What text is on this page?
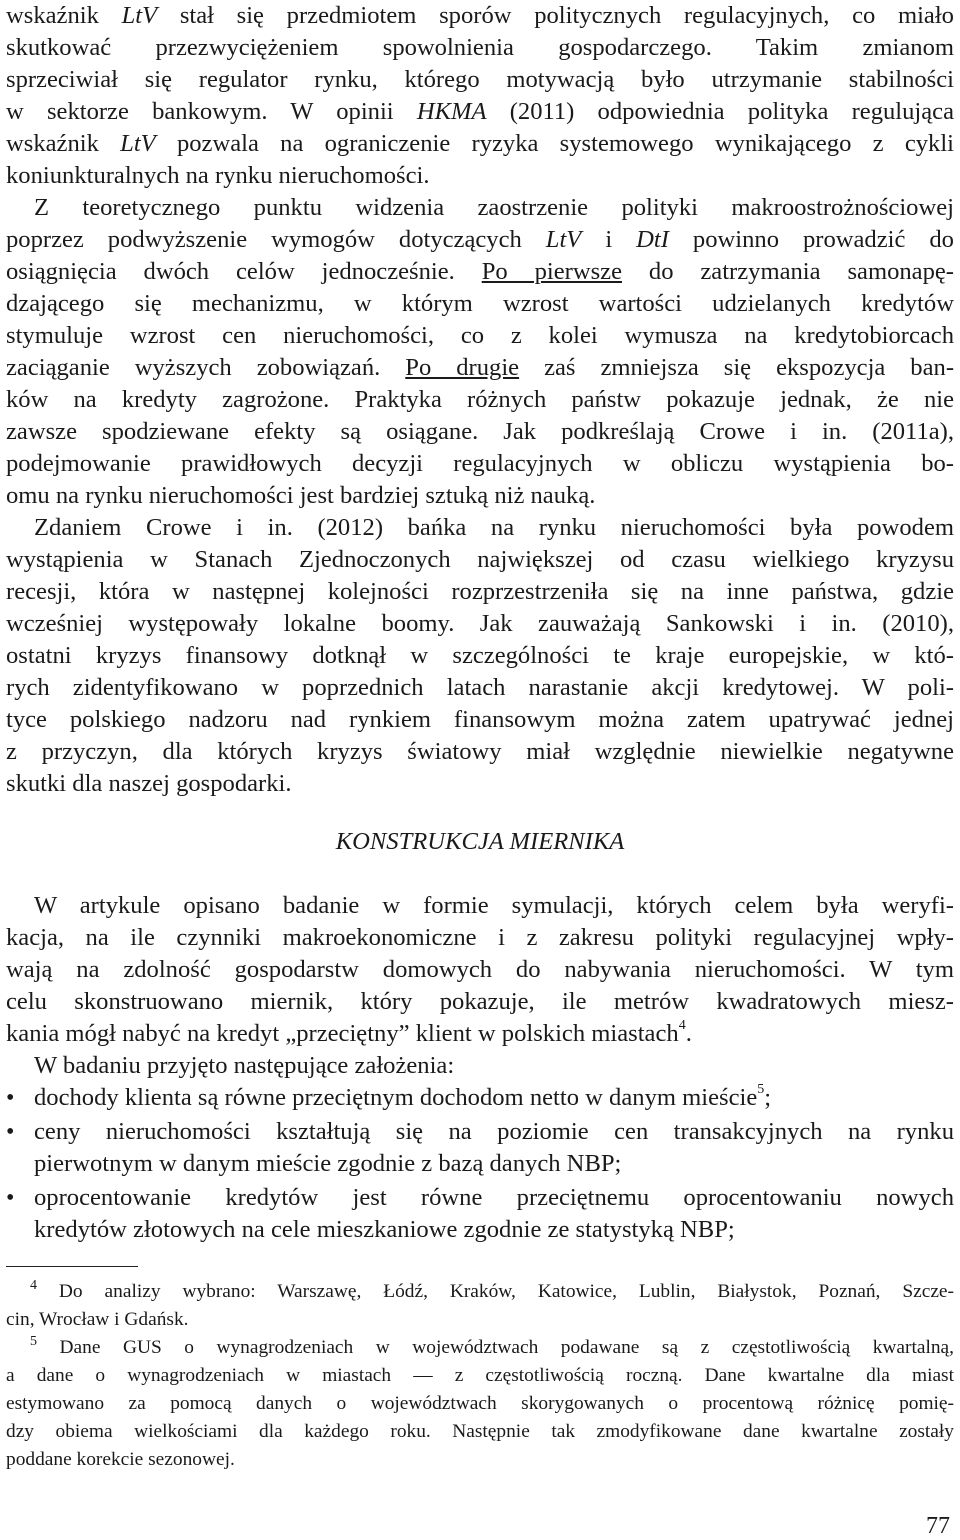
wskaźnik LtV stał się przedmiotem sporów politycznych regulacyjnych, co miało
skutkować przezwyciężeniem spowolnienia gospodarczego. Takim zmianom
sprzeciwiał się regulator rynku, którego motywacją było utrzymanie stabilności
w sektorze bankowym. W opinii HKMA (2011) odpowiednia polityka regulująca
wskaźnik LtV pozwala na ograniczenie ryzyka systemowego wynikającego z cykli
koniunkturalnych na rynku nieruchomości.
Z teoretycznego punktu widzenia zaostrzenie polityki makroostrożnościowej
poprzez podwyższenie wymogów dotyczących LtV i DtI powinno prowadzić do
osiągnięcia dwóch celów jednocześnie. Po pierwsze do zatrzymania samonapę-
dzającego się mechanizmu, w którym wzrost wartości udzielanych kredytów
stymuluje wzrost cen nieruchomości, co z kolei wymusza na kredytobiorcach
zaciąganie wyższych zobowiązań. Po drugie zaś zmniejsza się ekspozycja ban-
ków na kredyty zagrożone. Praktyka różnych państw pokazuje jednak, że nie
zawsze spodziewane efekty są osiągane. Jak podkreślają Crowe i in. (2011a),
podejmowanie prawidłowych decyzji regulacyjnych w obliczu wystąpienia bo-
omu na rynku nieruchomości jest bardziej sztuką niż nauką.
Zdaniem Crowe i in. (2012) bańka na rynku nieruchomości była powodem
wystąpienia w Stanach Zjednoczonych największej od czasu wielkiego kryzysu
recesji, która w następnej kolejności rozprzestrzeniła się na inne państwa, gdzie
wcześniej występowały lokalne boomy. Jak zauważają Sankowski i in. (2010),
ostatni kryzys finansowy dotknął w szczególności te kraje europejskie, w któ-
rych zidentyfikowano w poprzednich latach narastanie akcji kredytowej. W poli-
tyce polskiego nadzoru nad rynkiem finansowym można zatem upatrywać jednej
z przyczyn, dla których kryzys światowy miał względnie niewielkie negatywne
skutki dla naszej gospodarki.
KONSTRUKCJA MIERNIKA
W artykule opisano badanie w formie symulacji, których celem była weryfi-
kacja, na ile czynniki makroekonomiczne i z zakresu polityki regulacyjnej wpły-
wają na zdolność gospodarstw domowych do nabywania nieruchomości. W tym
celu skonstruowano miernik, który pokazuje, ile metrów kwadratowych miesz-
kania mógł nabyć na kredyt „przeciętny” klient w polskich miastach$^4$.
W badaniu przyjęto następujące założenia:
• dochody klienta są równe przeciętnym dochodom netto w danym mieście$^5$;
• ceny nieruchomości kształtują się na poziomie cen transakcyjnych na rynku
pierwotnym w danym mieście zgodnie z bazą danych NBP;
• oprocentowanie kredytów jest równe przeciętnemu oprocentowaniu nowych
kredytów złotowych na cele mieszkaniowe zgodnie ze statystyką NBP;
$^4$ Do analizy wybrano: Warszawę, Łódź, Kraków, Katowice, Lublin, Białystok, Poznań, Szcze-
cin, Wrocław i Gdańsk.
$^5$ Dane GUS o wynagrodzeniach w województwach podawane są z częstotliwością kwartalną,
a dane o wynagrodzeniach w miastach — z częstotliwością roczną. Dane kwartalne dla miast
estymowano za pomocą danych o województwach skorygowanych o procentową różnicę pomię-
dzy obiema wielkościami dla każdego roku. Następnie tak zmodyfikowane dane kwartalne zostały
poddane korekcie sezonowej.
77
